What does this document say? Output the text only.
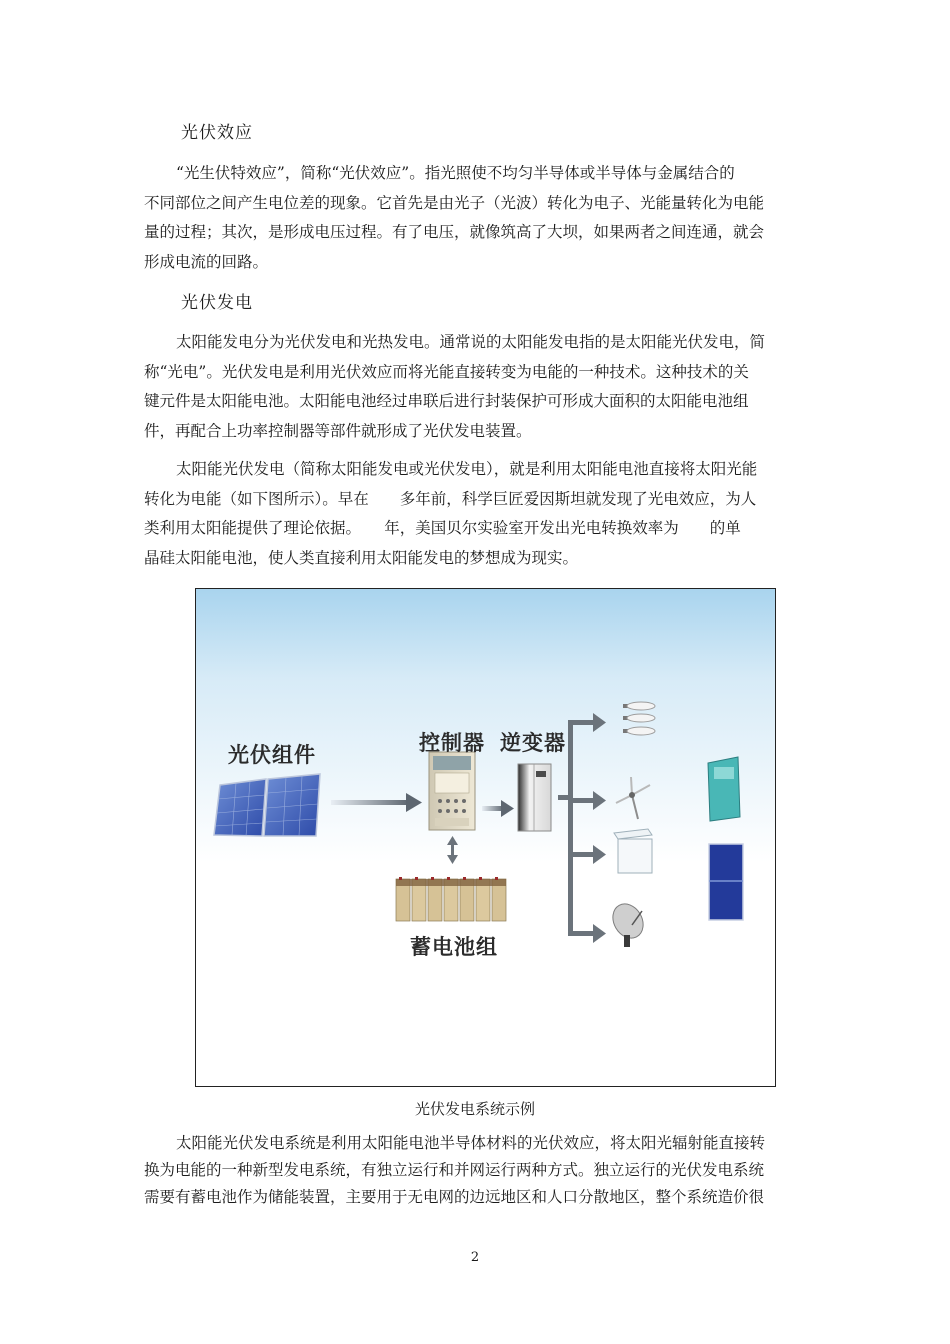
光伏效应
“光生伏特效应”，简称“光伏效应”。指光照使不均匀半导体或半导体与金属结合的
不同部位之间产生电位差的现象。它首先是由光子（光波）转化为电子、光能量转化为电能
量的过程；其次，是形成电压过程。有了电压，就像筑高了大坝，如果两者之间连通，就会
形成电流的回路。
光伏发电
太阳能发电分为光伏发电和光热发电。通常说的太阳能发电指的是太阳能光伏发电，简
称“光电”。光伏发电是利用光伏效应而将光能直接转变为电能的一种技术。这种技术的关
键元件是太阳能电池。太阳能电池经过串联后进行封装保护可形成大面积的太阳能电池组
件，再配合上功率控制器等部件就形成了光伏发电装置。
太阳能光伏发电（简称太阳能发电或光伏发电），就是利用太阳能电池直接将太阳光能
转化为电能（如下图所示）。早在　　多年前，科学巨匠爱因斯坦就发现了光电效应，为人
类利用太阳能提供了理论依据。　　年，美国贝尔实验室开发出光电转换效率为　　的单
晶硅太阳能电池，使人类直接利用太阳能发电的梦想成为现实。
光伏组件	控制器 逆变器
蓄电池组
光伏发电系统示例
太阳能光伏发电系统是利用太阳能电池半导体材料的光伏效应，将太阳光辐射能直接转
换为电能的一种新型发电系统，有独立运行和并网运行两种方式。独立运行的光伏发电系统
需要有蓄电池作为储能装置，主要用于无电网的边远地区和人口分散地区，整个系统造价很
2
